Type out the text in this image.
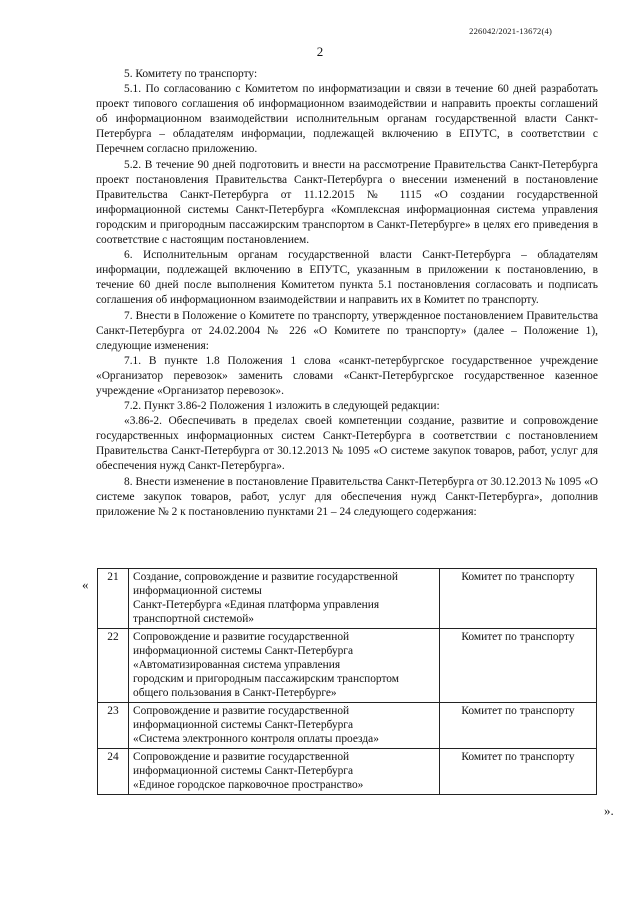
226042/2021-13672(4)
2

5. Комитету по транспорту:

5.1. По согласованию с Комитетом по информатизации и связи в течение 60 дней разработать проект типового соглашения об информационном взаимодействии и направить проекты соглашений об информационном взаимодействии исполнительным органам государственной власти Санкт-Петербурга – обладателям информации, подлежащей включению в ЕПУТС, в соответствии с Перечнем согласно приложению.

5.2. В течение 90 дней подготовить и внести на рассмотрение Правительства Санкт-Петербурга проект постановления Правительства Санкт-Петербурга о внесении изменений в постановление Правительства Санкт-Петербурга от 11.12.2015 № 1115 «О создании государственной информационной системы Санкт-Петербурга «Комплексная информационная система управления городским и пригородным пассажирским транспортом в Санкт-Петербурге» в целях его приведения в соответствие с настоящим постановлением.

6. Исполнительным органам государственной власти Санкт-Петербурга – обладателям информации, подлежащей включению в ЕПУТС, указанным в приложении к постановлению, в течение 60 дней после выполнения Комитетом пункта 5.1 постановления согласовать и подписать соглашения об информационном взаимодействии и направить их в Комитет по транспорту.

7. Внести в Положение о Комитете по транспорту, утвержденное постановлением Правительства Санкт-Петербурга от 24.02.2004 № 226 «О Комитете по транспорту» (далее – Положение 1), следующие изменения:

7.1. В пункте 1.8 Положения 1 слова «санкт-петербургское государственное учреждение «Организатор перевозок» заменить словами «Санкт-Петербургское государственное казенное учреждение «Организатор перевозок».

7.2. Пункт 3.86-2 Положения 1 изложить в следующей редакции:

«3.86-2. Обеспечивать в пределах своей компетенции создание, развитие и сопровождение государственных информационных систем Санкт-Петербурга в соответствии с постановлением Правительства Санкт-Петербурга от 30.12.2013 № 1095 «О системе закупок товаров, работ, услуг для обеспечения нужд Санкт-Петербурга».

8. Внести изменение в постановление Правительства Санкт-Петербурга от 30.12.2013 № 1095 «О системе закупок товаров, работ, услуг для обеспечения нужд Санкт-Петербурга», дополнив приложение № 2 к постановлению пунктами 21 – 24 следующего содержания:

« 21	Создание, сопровождение и развитие государственной
информационной системы
Санкт-Петербурга «Единая платформа управления
транспортной системой»	Комитет по транспорту
22	Сопровождение и развитие государственной
информационной системы Санкт-Петербурга
«Автоматизированная система управления
городским и пригородным пассажирским транспортом
общего пользования в Санкт-Петербурге»	Комитет по транспорту
23	Сопровождение и развитие государственной
информационной системы Санкт-Петербурга
«Система электронного контроля оплаты проезда»	Комитет по транспорту
24	Сопровождение и развитие государственной
информационной системы Санкт-Петербурга
«Единое городское парковочное пространство»	Комитет по транспорту
».
